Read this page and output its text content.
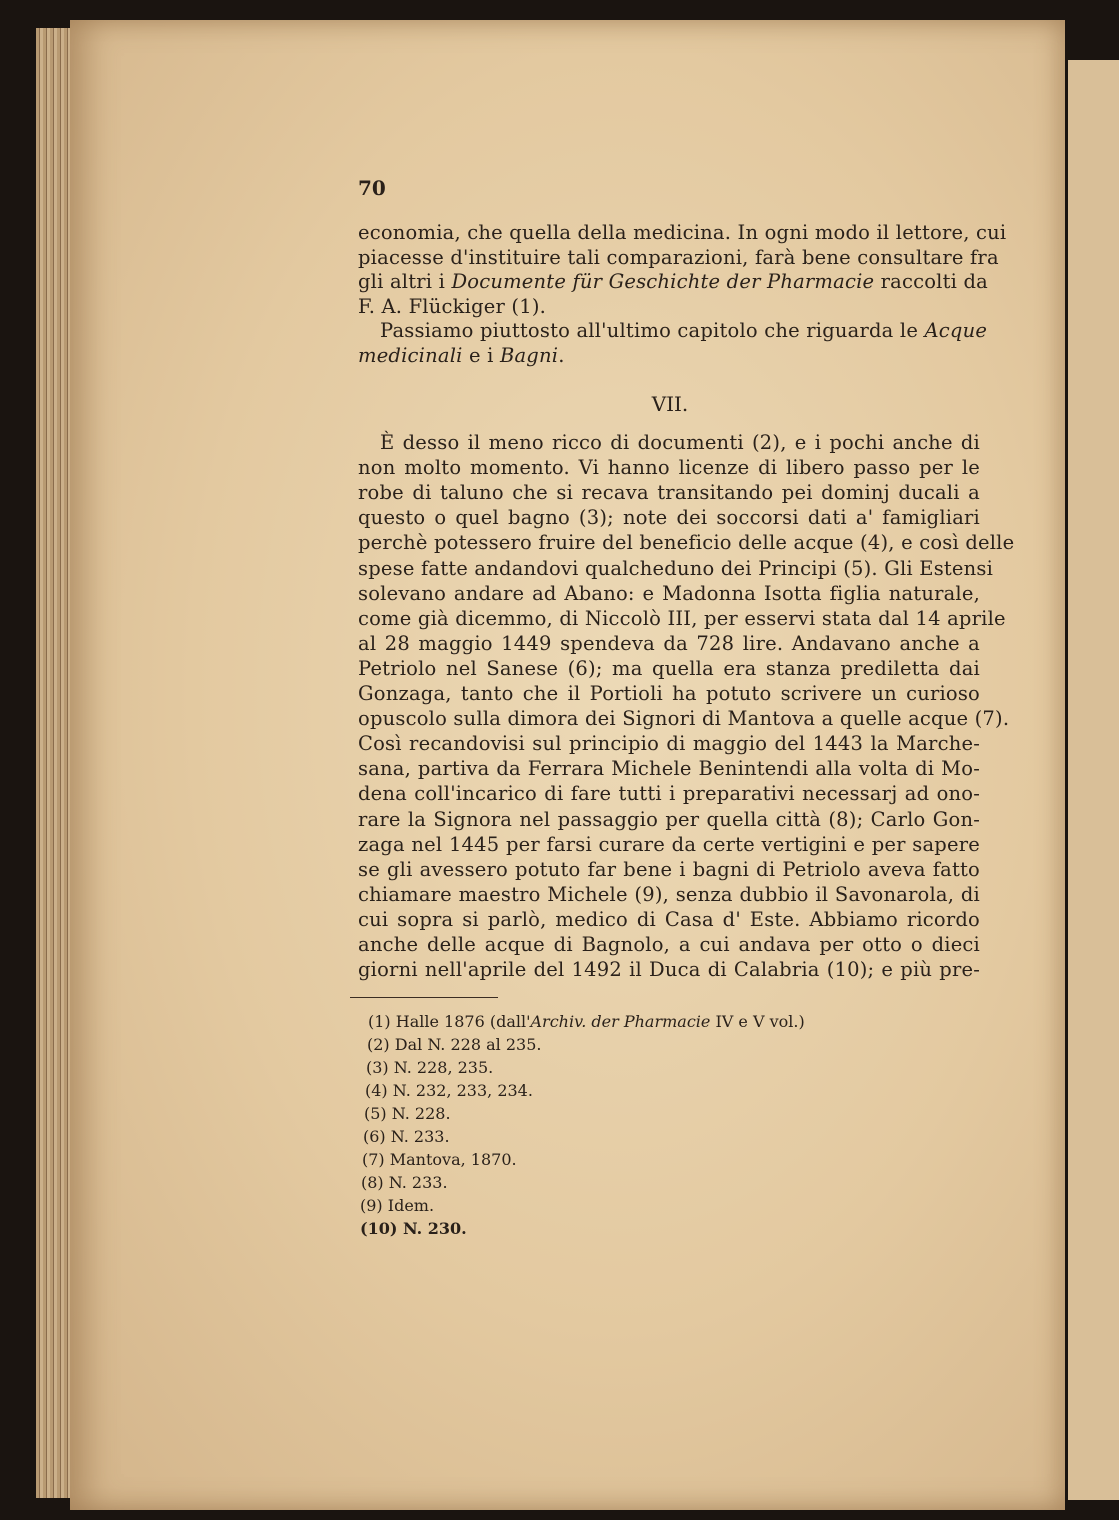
70
economia, che quella della medicina. In ogni modo il lettore, cui
piacesse d'instituire tali comparazioni, farà bene consultare fra
gli altri i Documente für Geschichte der Pharmacie raccolti da
F. A. Flückiger (1).
Passiamo piuttosto all'ultimo capitolo che riguarda le Acque
medicinali e i Bagni.
È desso il meno ricco di documenti (2), e i pochi anche di
non molto momento. Vi hanno licenze di libero passo per le
robe di taluno che si recava transitando pei dominj ducali a
questo o quel bagno (3); note dei soccorsi dati a' famigliari
perchè potessero fruire del beneficio delle acque (4), e così delle
spese fatte andandovi qualcheduno dei Principi (5). Gli Estensi
solevano andare ad Abano: e Madonna Isotta figlia naturale,
come già dicemmo, di Niccolò III, per esservi stata dal 14 aprile
al 28 maggio 1449 spendeva da 728 lire. Andavano anche a
Petriolo nel Sanese (6); ma quella era stanza prediletta dai
Gonzaga, tanto che il Portioli ha potuto scrivere un curioso
opuscolo sulla dimora dei Signori di Mantova a quelle acque (7).
Così recandovisi sul principio di maggio del 1443 la Marche-
sana, partiva da Ferrara Michele Benintendi alla volta di Mo-
dena coll'incarico di fare tutti i preparativi necessarj ad ono-
rare la Signora nel passaggio per quella città (8); Carlo Gon-
zaga nel 1445 per farsi curare da certe vertigini e per sapere
se gli avessero potuto far bene i bagni di Petriolo aveva fatto
chiamare maestro Michele (9), senza dubbio il Savonarola, di
cui sopra si parlò, medico di Casa d' Este. Abbiamo ricordo
anche delle acque di Bagnolo, a cui andava per otto o dieci
giorni nell'aprile del 1492 il Duca di Calabria (10); e più pre-
VII.
(1) Halle 1876 (dall'Archiv. der Pharmacie IV e V vol.)
(2) Dal N. 228 al 235.
(3) N. 228, 235.
(4) N. 232, 233, 234.
(5) N. 228.
(6) N. 233.
(7) Mantova, 1870.
(8) N. 233.
(9) Idem.
(10) N. 230.
